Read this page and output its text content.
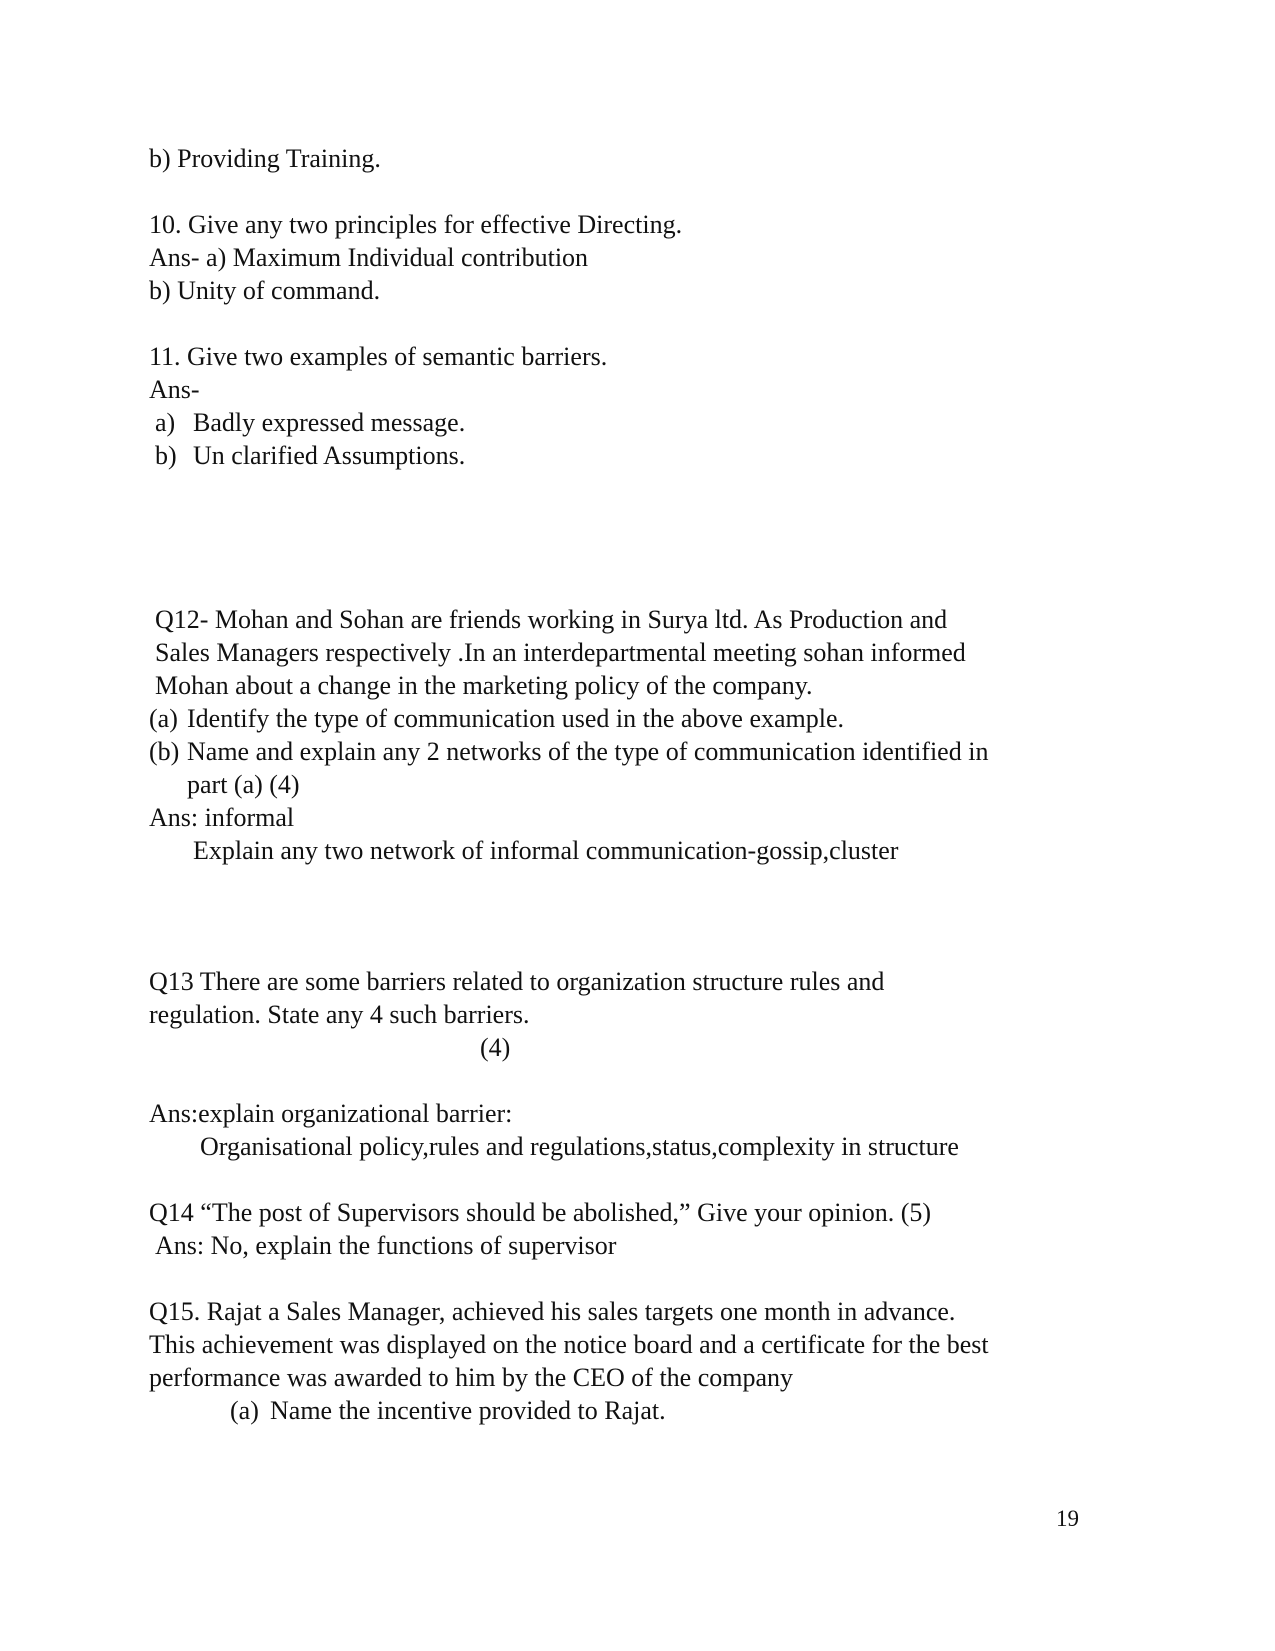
b) Providing Training.

10. Give any two principles for effective Directing.

Ans- a) Maximum Individual contribution

b) Unity of command.

11. Give two examples of semantic barriers.

Ans-

a) Badly expressed message.

b) Un clarified Assumptions.

Q12- Mohan and Sohan are friends working in Surya ltd. As Production and

Sales Managers respectively .In an interdepartmental meeting sohan informed

Mohan about a change in the marketing policy of the company.

(a) Identify the type of communication used in the above example.

(b) Name and explain any 2 networks of the type of communication identified in

part (a) (4)

Ans: informal

Explain any two network of informal communication-gossip,cluster

Q13 There are some barriers related to organization structure rules and

regulation. State any 4 such barriers.

(4)

Ans:explain organizational barrier:

Organisational policy,rules and regulations,status,complexity in structure

Q14 “The post of Supervisors should be abolished,” Give your opinion. (5)

Ans: No, explain the functions of supervisor

Q15. Rajat a Sales Manager, achieved his sales targets one month in advance.

This achievement was displayed on the notice board and a certificate for the best

performance was awarded to him by the CEO of the company

(a) Name the incentive provided to Rajat.

19
